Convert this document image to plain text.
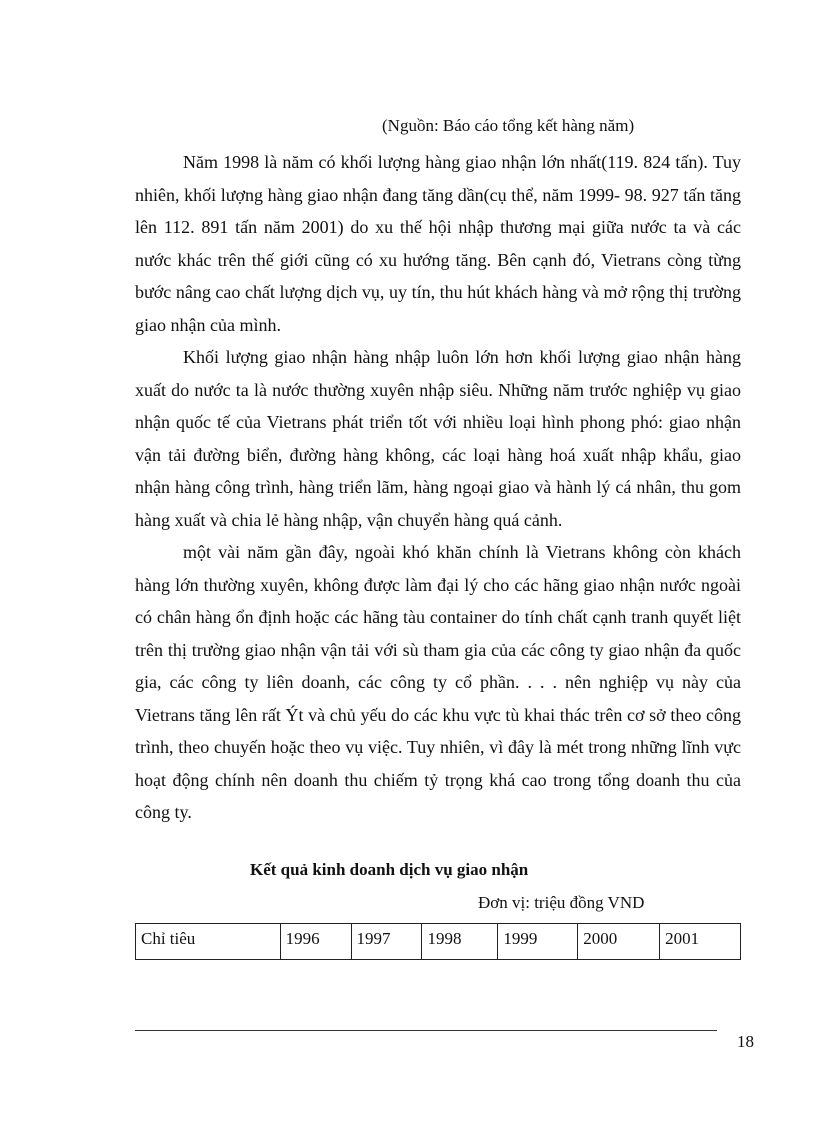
(Nguồn: Báo cáo tổng kết hàng năm)

Năm 1998 là năm có khối lượng hàng giao nhận lớn nhất(119. 824 tấn). Tuy nhiên, khối lượng hàng giao nhận đang tăng dần(cụ thể, năm 1999- 98. 927 tấn tăng lên 112. 891 tấn năm 2001) do xu thế hội nhập thương mại giữa nước ta và các nước khác trên thế giới cũng có xu hướng tăng. Bên cạnh đó, Vietrans còng từng bước nâng cao chất lượng dịch vụ, uy tín, thu hút khách hàng và mở rộng thị trường giao nhận của mình.

Khối lượng giao nhận hàng nhập luôn lớn hơn khối lượng giao nhận hàng xuất do nước ta là nước thường xuyên nhập siêu. Những năm trước nghiệp vụ giao nhận quốc tế của Vietrans phát triển tốt với nhiều loại hình phong phó: giao nhận vận tải đường biển, đường hàng không, các loại hàng hoá xuất nhập khẩu, giao nhận hàng công trình, hàng triển lãm, hàng ngoại giao và hành lý cá nhân, thu gom hàng xuất và chia lẻ hàng nhập, vận chuyển hàng quá cảnh.

một vài năm gần đây, ngoài khó khăn chính là Vietrans không còn khách hàng lớn thường xuyên, không được làm đại lý cho các hãng giao nhận nước ngoài có chân hàng ổn định hoặc các hãng tàu container do tính chất cạnh tranh quyết liệt trên thị trường giao nhận vận tải với sù tham gia của các công ty giao nhận đa quốc gia, các công ty liên doanh, các công ty cổ phần. . . . nên nghiệp vụ này của Vietrans tăng lên rất Ýt và chủ yếu do các khu vực tù khai thác trên cơ sở theo công trình, theo chuyến hoặc theo vụ việc. Tuy nhiên, vì đây là mét trong những lĩnh vực hoạt động chính nên doanh thu chiếm tỷ trọng khá cao trong tổng doanh thu của công ty.

Kết quả kinh doanh dịch vụ giao nhận
Đơn vị: triệu đồng VND
Chỉ tiêu	1996	1997	1998	1999	2000	2001
18
